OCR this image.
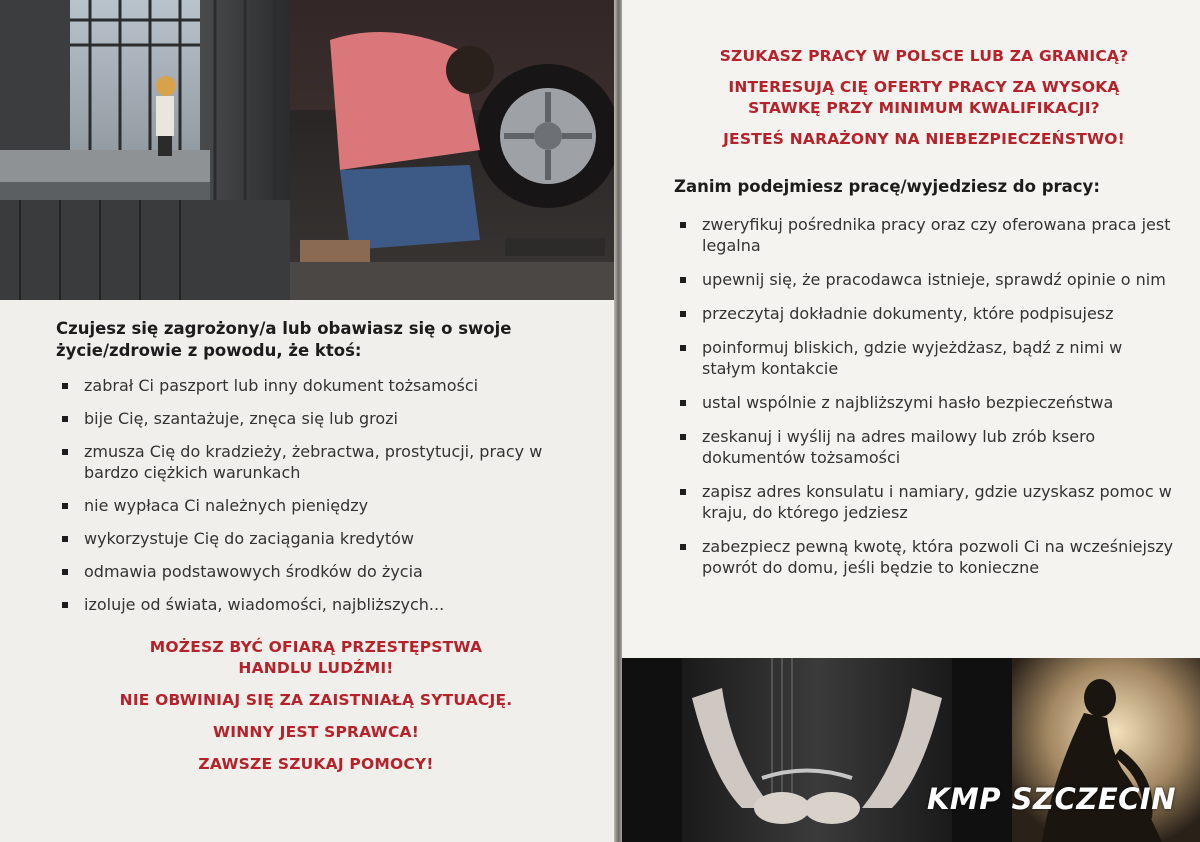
Czujesz się zagrożony/a lub obawiasz się o swoje życie/zdrowie z powodu, że ktoś:

zabrał Ci paszport lub inny dokument tożsamości
bije Cię, szantażuje, znęca się lub grozi
zmusza Cię do kradzieży, żebractwa, prostytucji, pracy w bardzo ciężkich warunkach
nie wypłaca Ci należnych pieniędzy
wykorzystuje Cię do zaciągania kredytów
odmawia podstawowych środków do życia
izoluje od świata, wiadomości, najbliższych...

MOŻESZ BYĆ OFIARĄ PRZESTĘPSTWA HANDLU LUDŹMI!

NIE OBWINIAJ SIĘ ZA ZAISTNIAŁĄ SYTUACJĘ.

WINNY JEST SPRAWCA!

ZAWSZE SZUKAJ POMOCY!

SZUKASZ PRACY W POLSCE LUB ZA GRANICĄ?

INTERESUJĄ CIĘ OFERTY PRACY ZA WYSOKĄ STAWKĘ PRZY MINIMUM KWALIFIKACJI?

JESTEŚ NARAŻONY NA NIEBEZPIECZEŃSTWO!

Zanim podejmiesz pracę/wyjedziesz do pracy:

zweryfikuj pośrednika pracy oraz czy oferowana praca jest legalna
upewnij się, że pracodawca istnieje, sprawdź opinie o nim
przeczytaj dokładnie dokumenty, które podpisujesz
poinformuj bliskich, gdzie wyjeżdżasz, bądź z nimi w stałym kontakcie
ustal wspólnie z najbliższymi hasło bezpieczeństwa
zeskanuj i wyślij na adres mailowy lub zrób ksero dokumentów tożsamości
zapisz adres konsulatu i namiary, gdzie uzyskasz pomoc w kraju, do którego jedziesz
zabezpiecz pewną kwotę, która pozwoli Ci na wcześniejszy powrót do domu, jeśli będzie to konieczne
KMP SZCZECIN
